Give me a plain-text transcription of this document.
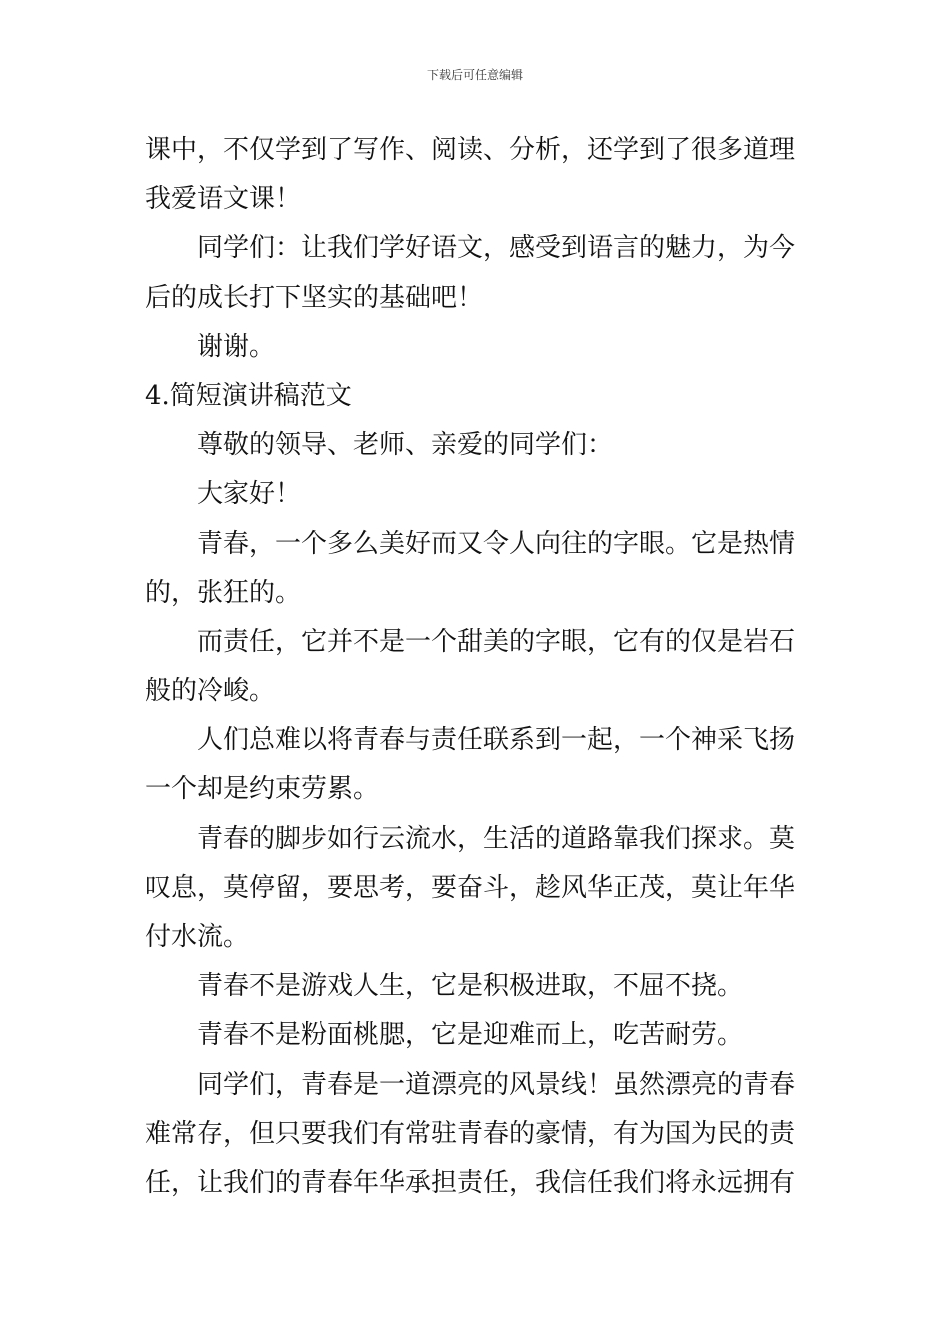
下载后可任意编辑

课中，不仅学到了写作、阅读、分析，还学到了很多道理

我爱语文课！

同学们：让我们学好语文，感受到语言的魅力，为今

后的成长打下坚实的基础吧！

谢谢。

4.简短演讲稿范文

尊敬的领导、老师、亲爱的同学们：

大家好！

青春，一个多么美好而又令人向往的字眼。它是热情

的，张狂的。

而责任，它并不是一个甜美的字眼，它有的仅是岩石

般的冷峻。

人们总难以将青春与责任联系到一起，一个神采飞扬

一个却是约束劳累。

青春的脚步如行云流水，生活的道路靠我们探求。莫

叹息，莫停留，要思考，要奋斗，趁风华正茂，莫让年华

付水流。

青春不是游戏人生，它是积极进取，不屈不挠。

青春不是粉面桃腮，它是迎难而上，吃苦耐劳。

同学们，青春是一道漂亮的风景线！虽然漂亮的青春

难常存，但只要我们有常驻青春的豪情，有为国为民的责

任，让我们的青春年华承担责任，我信任我们将永远拥有
